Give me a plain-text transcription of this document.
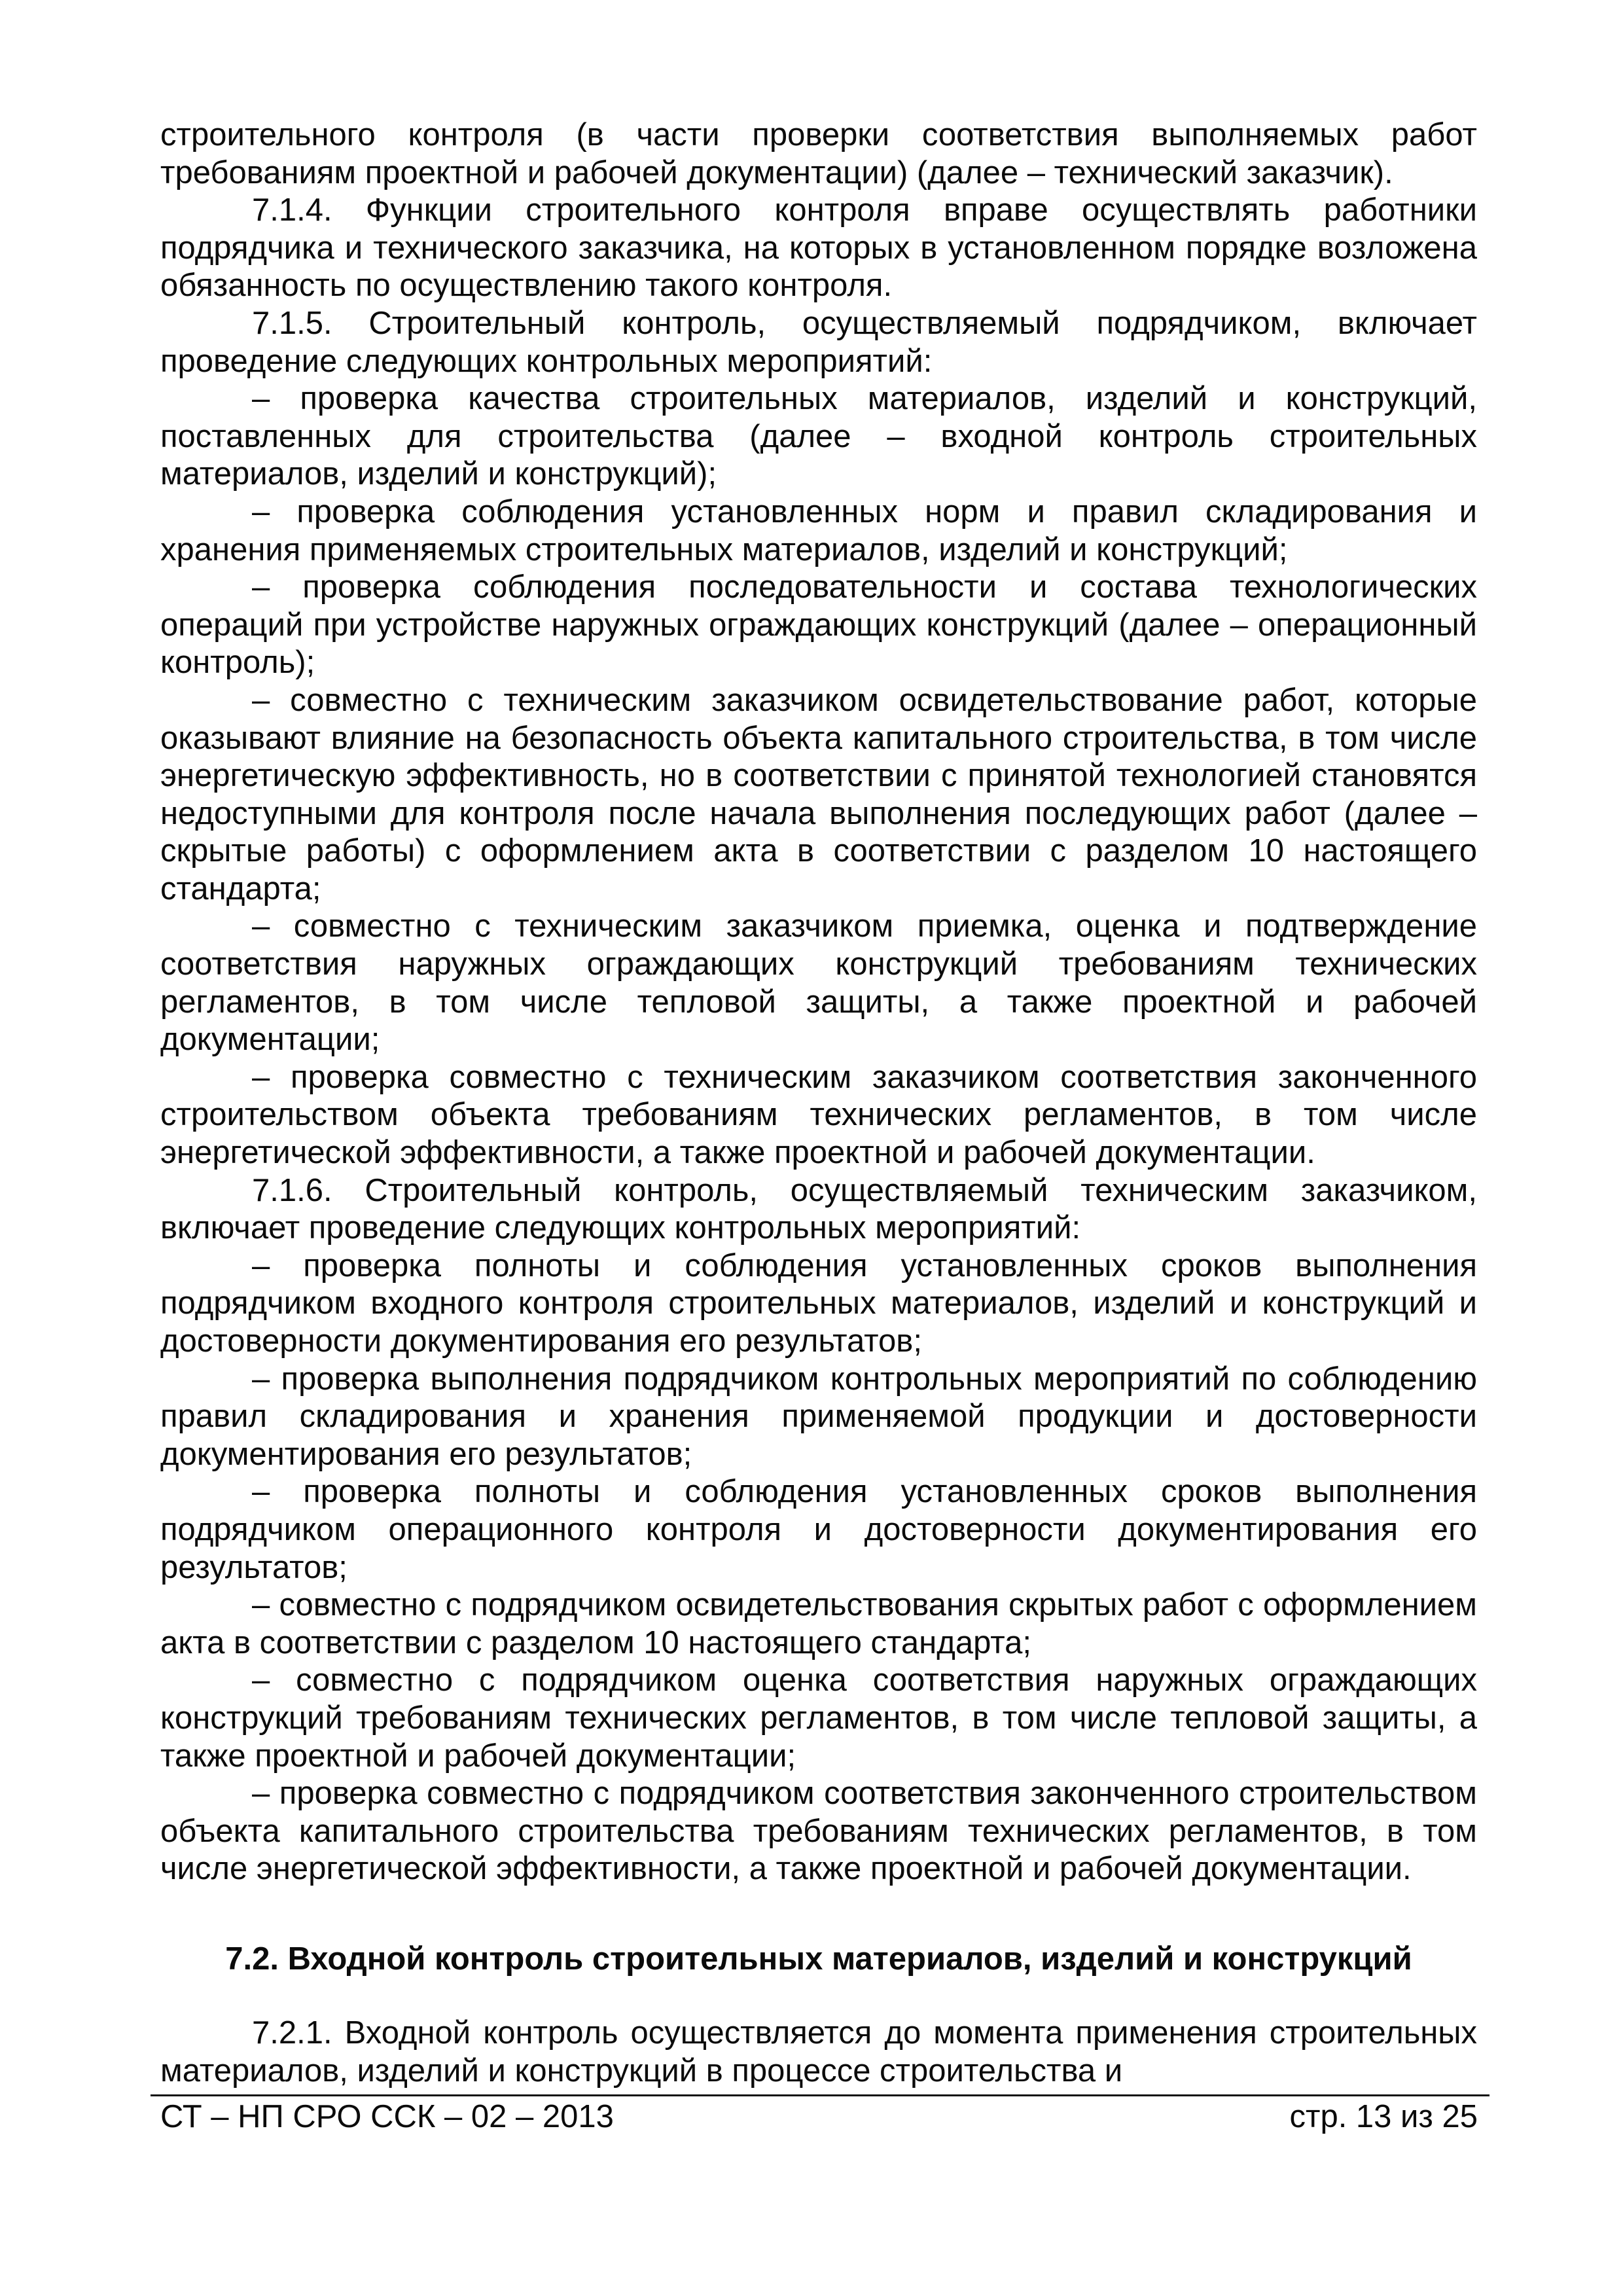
строительного контроля (в части проверки соответствия выполняемых работ требованиям проектной и рабочей документации) (далее – технический заказчик).

7.1.4. Функции строительного контроля вправе осуществлять работники подрядчика и технического заказчика, на которых в установленном порядке возложена обязанность по осуществлению такого контроля.

7.1.5. Строительный контроль, осуществляемый подрядчиком, включает проведение следующих контрольных мероприятий:

– проверка качества строительных материалов, изделий и конструкций, поставленных для строительства (далее – входной контроль строительных материалов, изделий и конструкций);

– проверка соблюдения установленных норм и правил складирования и хранения применяемых строительных материалов, изделий и конструкций;

– проверка соблюдения последовательности и состава технологических операций при устройстве наружных ограждающих конструкций (далее – операционный контроль);

– совместно с техническим заказчиком освидетельствование работ, которые оказывают влияние на безопасность объекта капитального строительства, в том числе энергетическую эффективность, но в соответствии с принятой технологией становятся недоступными для контроля после начала выполнения последующих работ (далее – скрытые работы) с оформлением акта в соответствии с разделом 10 настоящего стандарта;

– совместно с техническим заказчиком приемка, оценка и подтверждение соответствия наружных ограждающих конструкций требованиям технических регламентов, в том числе тепловой защиты, а также проектной и рабочей документации;

– проверка совместно с техническим заказчиком соответствия законченного строительством объекта требованиям технических регламентов, в том числе энергетической эффективности, а также проектной и рабочей документации.

7.1.6. Строительный контроль, осуществляемый техническим заказчиком, включает проведение следующих контрольных мероприятий:

– проверка полноты и соблюдения установленных сроков выполнения подрядчиком входного контроля строительных материалов, изделий и конструкций и достоверности документирования его результатов;

– проверка выполнения подрядчиком контрольных мероприятий по соблюдению правил складирования и хранения применяемой продукции и достоверности документирования его результатов;

– проверка полноты и соблюдения установленных сроков выполнения подрядчиком операционного контроля и достоверности документирования его результатов;

– совместно с подрядчиком освидетельствования скрытых работ с оформлением акта в соответствии с разделом 10 настоящего стандарта;

– совместно с подрядчиком оценка соответствия наружных ограждающих конструкций требованиям технических регламентов, в том числе тепловой защиты, а также проектной и рабочей документации;

– проверка совместно с подрядчиком соответствия законченного строительством объекта капитального строительства требованиям технических регламентов, в том числе энергетической эффективности, а также проектной и рабочей документации.

7.2. Входной контроль строительных материалов, изделий и конструкций

7.2.1. Входной контроль осуществляется до момента применения строительных материалов, изделий и конструкций в процессе строительства и

СТ – НП СРО ССК – 02 – 2013	стр. 13 из 25
